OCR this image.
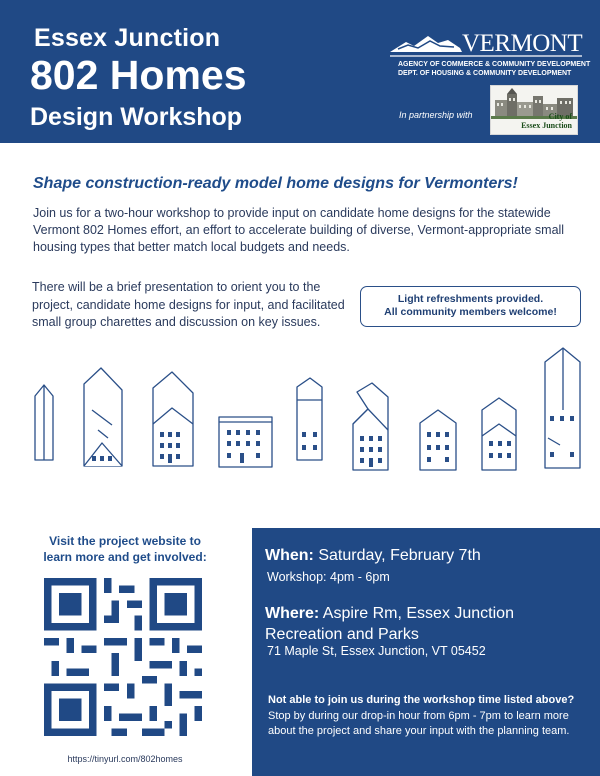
Essex Junction
802 Homes
Design Workshop
VERMONT
AGENCY OF COMMERCE & COMMUNITY DEVELOPMENT
DEPT. OF HOUSING & COMMUNITY DEVELOPMENT
In partnership with	City of
Essex Junction
Shape construction-ready model home designs for Vermonters!
Join us for a two-hour workshop to provide input on candidate home designs for the statewide Vermont 802 Homes effort, an effort to accelerate building of diverse, Vermont-appropriate small housing types that better match local budgets and needs.
There will be a brief presentation to orient you to the project, candidate home designs for input, and facilitated small group charettes and discussion on key issues.
Light refreshments provided.
All community members welcome!
Visit the project website to
learn more and get involved:
https://tinyurl.com/802homes
When: Saturday, February 7th
Workshop: 4pm - 6pm
Where: Aspire Rm, Essex Junction Recreation and Parks
71 Maple St, Essex Junction, VT 05452
Not able to join us during the workshop time listed above? Stop by during our drop-in hour from 6pm - 7pm to learn more about the project and share your input with the planning team.
